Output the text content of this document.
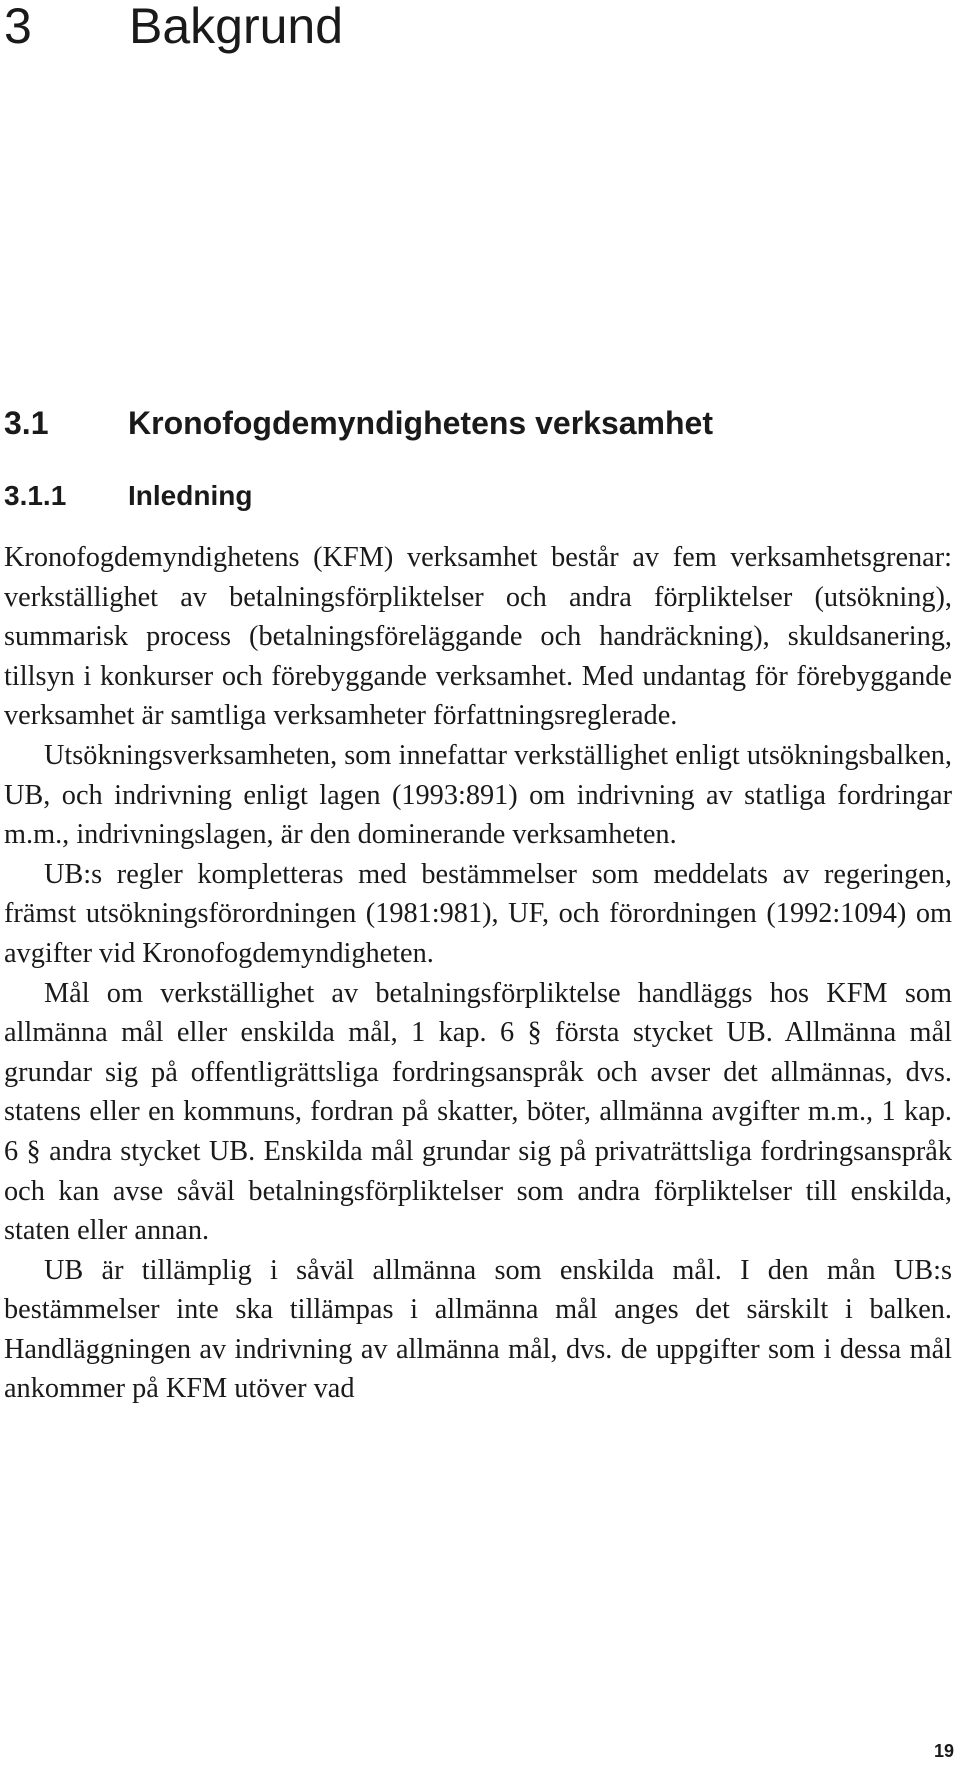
3 Bakgrund
3.1 Kronofogdemyndighetens verksamhet
3.1.1 Inledning

Kronofogdemyndighetens (KFM) verksamhet består av fem verksamhetsgrenar: verkställighet av betalningsförpliktelser och andra förpliktelser (utsökning), summarisk process (betalningsföreläggande och handräckning), skuldsanering, tillsyn i konkurser och förebyggande verksamhet. Med undantag för förebyggande verksamhet är samtliga verksamheter författningsreglerade.

Utsökningsverksamheten, som innefattar verkställighet enligt utsökningsbalken, UB, och indrivning enligt lagen (1993:891) om indrivning av statliga fordringar m.m., indrivningslagen, är den dominerande verksamheten.

UB:s regler kompletteras med bestämmelser som meddelats av regeringen, främst utsökningsförordningen (1981:981), UF, och förordningen (1992:1094) om avgifter vid Kronofogdemyndigheten.

Mål om verkställighet av betalningsförpliktelse handläggs hos KFM som allmänna mål eller enskilda mål, 1 kap. 6 § första stycket UB. Allmänna mål grundar sig på offentligrättsliga fordringsanspråk och avser det allmännas, dvs. statens eller en kommuns, fordran på skatter, böter, allmänna avgifter m.m., 1 kap. 6 § andra stycket UB. Enskilda mål grundar sig på privaträttsliga fordringsanspråk och kan avse såväl betalningsförpliktelser som andra förpliktelser till enskilda, staten eller annan.

UB är tillämplig i såväl allmänna som enskilda mål. I den mån UB:s bestämmelser inte ska tillämpas i allmänna mål anges det särskilt i balken. Handläggningen av indrivning av allmänna mål, dvs. de uppgifter som i dessa mål ankommer på KFM utöver vad

19
